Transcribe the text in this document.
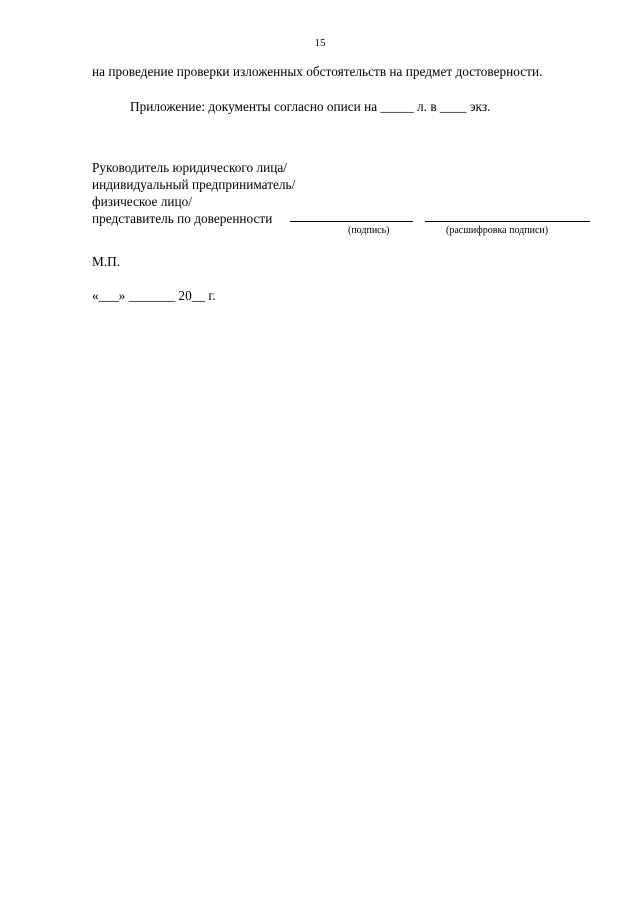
15
на проведение проверки изложенных обстоятельств на предмет достоверности.
Приложение: документы согласно описи на _____ л. в ____ экз.
Руководитель юридического лица/
индивидуальный предприниматель/
физическое лицо/
представитель по доверенности
(подпись)	(расшифровка подписи)
М.П.
«___» _______ 20__ г.
